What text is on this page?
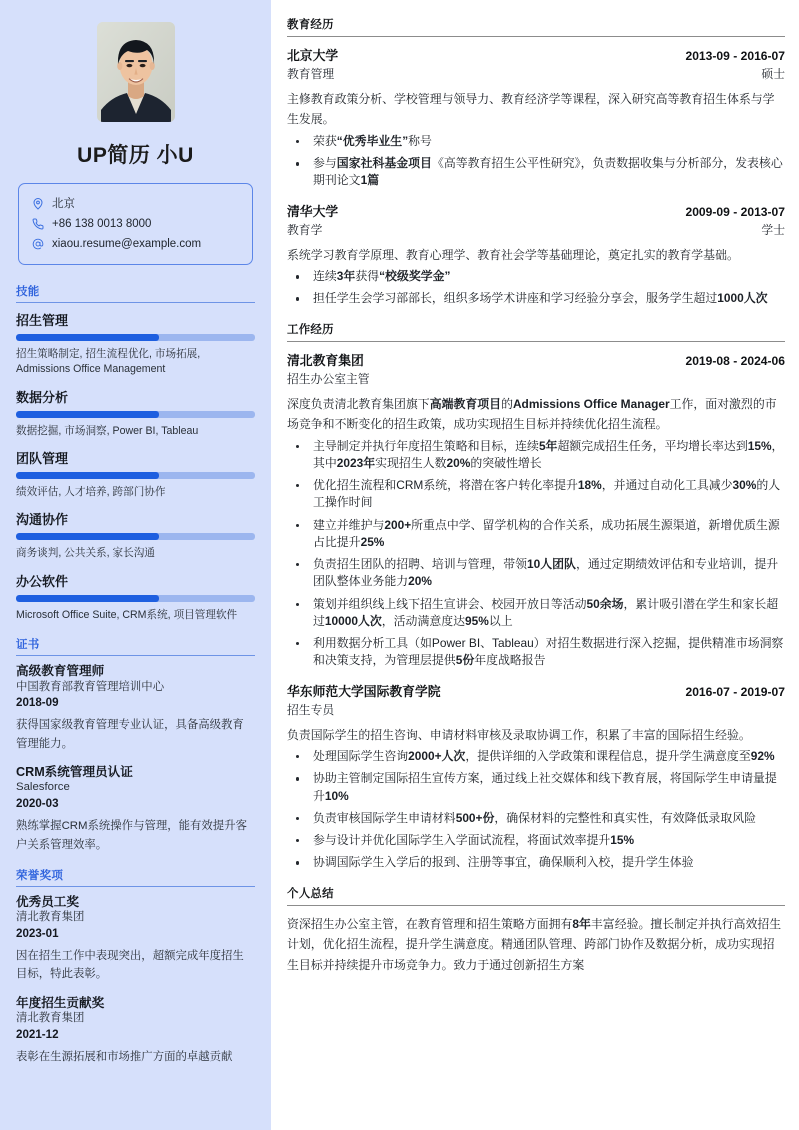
UP简历 小U
北京
+86 138 0013 8000
xiaou.resume@example.com
技能
招生管理
招生策略制定, 招生流程优化, 市场拓展, Admissions Office Management
数据分析
数据挖掘, 市场洞察, Power BI, Tableau
团队管理
绩效评估, 人才培养, 跨部门协作
沟通协作
商务谈判, 公共关系, 家长沟通
办公软件
Microsoft Office Suite, CRM系统, 项目管理软件
证书
高级教育管理师
中国教育部教育管理培训中心
2018-09
获得国家级教育管理专业认证，具备高级教育管理能力。
CRM系统管理员认证
Salesforce
2020-03
熟练掌握CRM系统操作与管理，能有效提升客户关系管理效率。
荣誉奖项
优秀员工奖
清北教育集团
2023-01
因在招生工作中表现突出，超额完成年度招生目标，特此表彰。
年度招生贡献奖
清北教育集团
2021-12
表彰在生源拓展和市场推广方面的卓越贡献
教育经历
北京大学	2013-09 - 2016-07
教育管理	硕士
主修教育政策分析、学校管理与领导力、教育经济学等课程，深入研究高等教育招生体系与学生发展。
荣获“优秀毕业生”称号
参与国家社科基金项目《高等教育招生公平性研究》，负责数据收集与分析部分，发表核心期刊论文1篇
清华大学	2009-09 - 2013-07
教育学	学士
系统学习教育学原理、教育心理学、教育社会学等基础理论，奠定扎实的教育学基础。
连续3年获得“校级奖学金”
担任学生会学习部部长，组织多场学术讲座和学习经验分享会，服务学生超过1000人次
工作经历
清北教育集团	2019-08 - 2024-06
招生办公室主管
深度负责清北教育集团旗下高端教育项目的Admissions Office Manager工作，面对激烈的市场竞争和不断变化的招生政策，成功实现招生目标并持续优化招生流程。
主导制定并执行年度招生策略和目标，连续5年超额完成招生任务，平均增长率达到15%，其中2023年实现招生人数20%的突破性增长
优化招生流程和CRM系统，将潜在客户转化率提升18%，并通过自动化工具减少30%的人工操作时间
建立并维护与200+所重点中学、留学机构的合作关系，成功拓展生源渠道，新增优质生源占比提升25%
负责招生团队的招聘、培训与管理，带领10人团队，通过定期绩效评估和专业培训，提升团队整体业务能力20%
策划并组织线上线下招生宣讲会、校园开放日等活动50余场，累计吸引潜在学生和家长超过10000人次，活动满意度达95%以上
利用数据分析工具（如Power BI、Tableau）对招生数据进行深入挖掘，提供精准市场洞察和决策支持，为管理层提供5份年度战略报告
华东师范大学国际教育学院	2016-07 - 2019-07
招生专员
负责国际学生的招生咨询、申请材料审核及录取协调工作，积累了丰富的国际招生经验。
处理国际学生咨询2000+人次，提供详细的入学政策和课程信息，提升学生满意度至92%
协助主管制定国际招生宣传方案，通过线上社交媒体和线下教育展，将国际学生申请量提升10%
负责审核国际学生申请材料500+份，确保材料的完整性和真实性，有效降低录取风险
参与设计并优化国际学生入学面试流程，将面试效率提升15%
协调国际学生入学后的报到、注册等事宜，确保顺利入校，提升学生体验
个人总结
资深招生办公室主管，在教育管理和招生策略方面拥有8年丰富经验。擅长制定并执行高效招生计划，优化招生流程，提升学生满意度。精通团队管理、跨部门协作及数据分析，成功实现招生目标并持续提升市场竞争力。致力于通过创新招生方案
